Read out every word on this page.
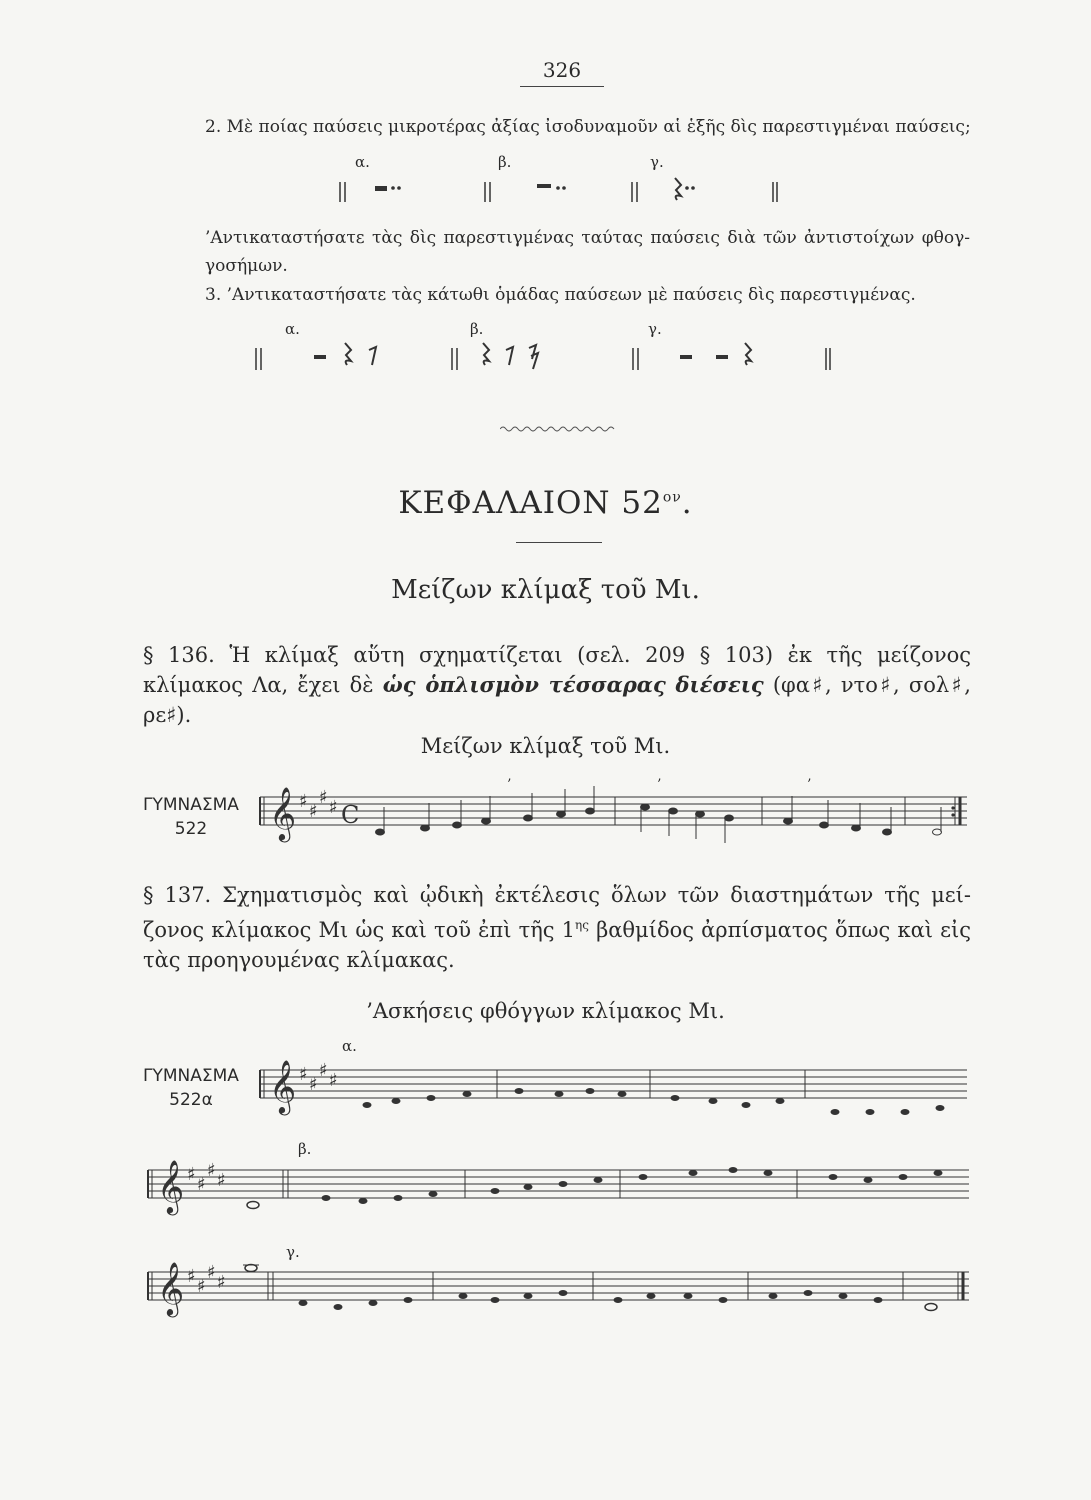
326
2. Μὲ ποίας παύσεις μικροτέρας ἀξίας ἰσοδυναμοῦν αἱ ἑξῆς δὶς παρεστιγμέναι παύσεις;
α.	β.	γ.
’Αντικαταστήσατε τὰς δὶς παρεστιγμένας ταύτας παύσεις διὰ τῶν ἀντιστοίχων φθογ-γοσήμων.
3. ’Αντικαταστήσατε τὰς κάτωθι ὁμάδας παύσεων μὲ παύσεις δὶς παρεστιγμένας.
α.	β.	γ.
ΚΕΦΑΛΑΙΟΝ $52^{o\nu}$.
Μείζων κλίμαξ τοῦ Μι.
§ 136. Ἡ κλίμαξ αὕτη σχηματίζεται (σελ. 209 § 103) ἐκ τῆς μείζονος κλίμακος Λα, ἔχει δὲ ὡς ὁπλισμὸν τέσσαρας διέσεις (φα♯, ντο♯, σολ♯, ρε♯).
Μείζων κλίμαξ τοῦ Μι.
ΓΥΜΝΑΣΜΑ
522	𝄞 ♯ ♯
♯ ♯ C
’	’	’
§ 137. Σχηματισμὸς καὶ ᾠδικὴ ἐκτέλεσις ὅλων τῶν διαστημάτων τῆς μεί-ζονος κλίμακος Μι ὡς καὶ τοῦ ἐπὶ τῆς $1^{\eta\varsigma}$ βαθμίδος ἀρπίσματος ὅπως καὶ εἰς τὰς προηγουμένας κλίμακας.
’Ασκήσεις φθόγγων κλίμακος Μι.
ΓΥΜΝΑΣΜΑ
522α
α.
𝄞 ♯ ♯
♯ ♯
β.
𝄞 ♯ ♯
♯ ♯
γ.
𝄞 ♯ ♯
♯ ♯
